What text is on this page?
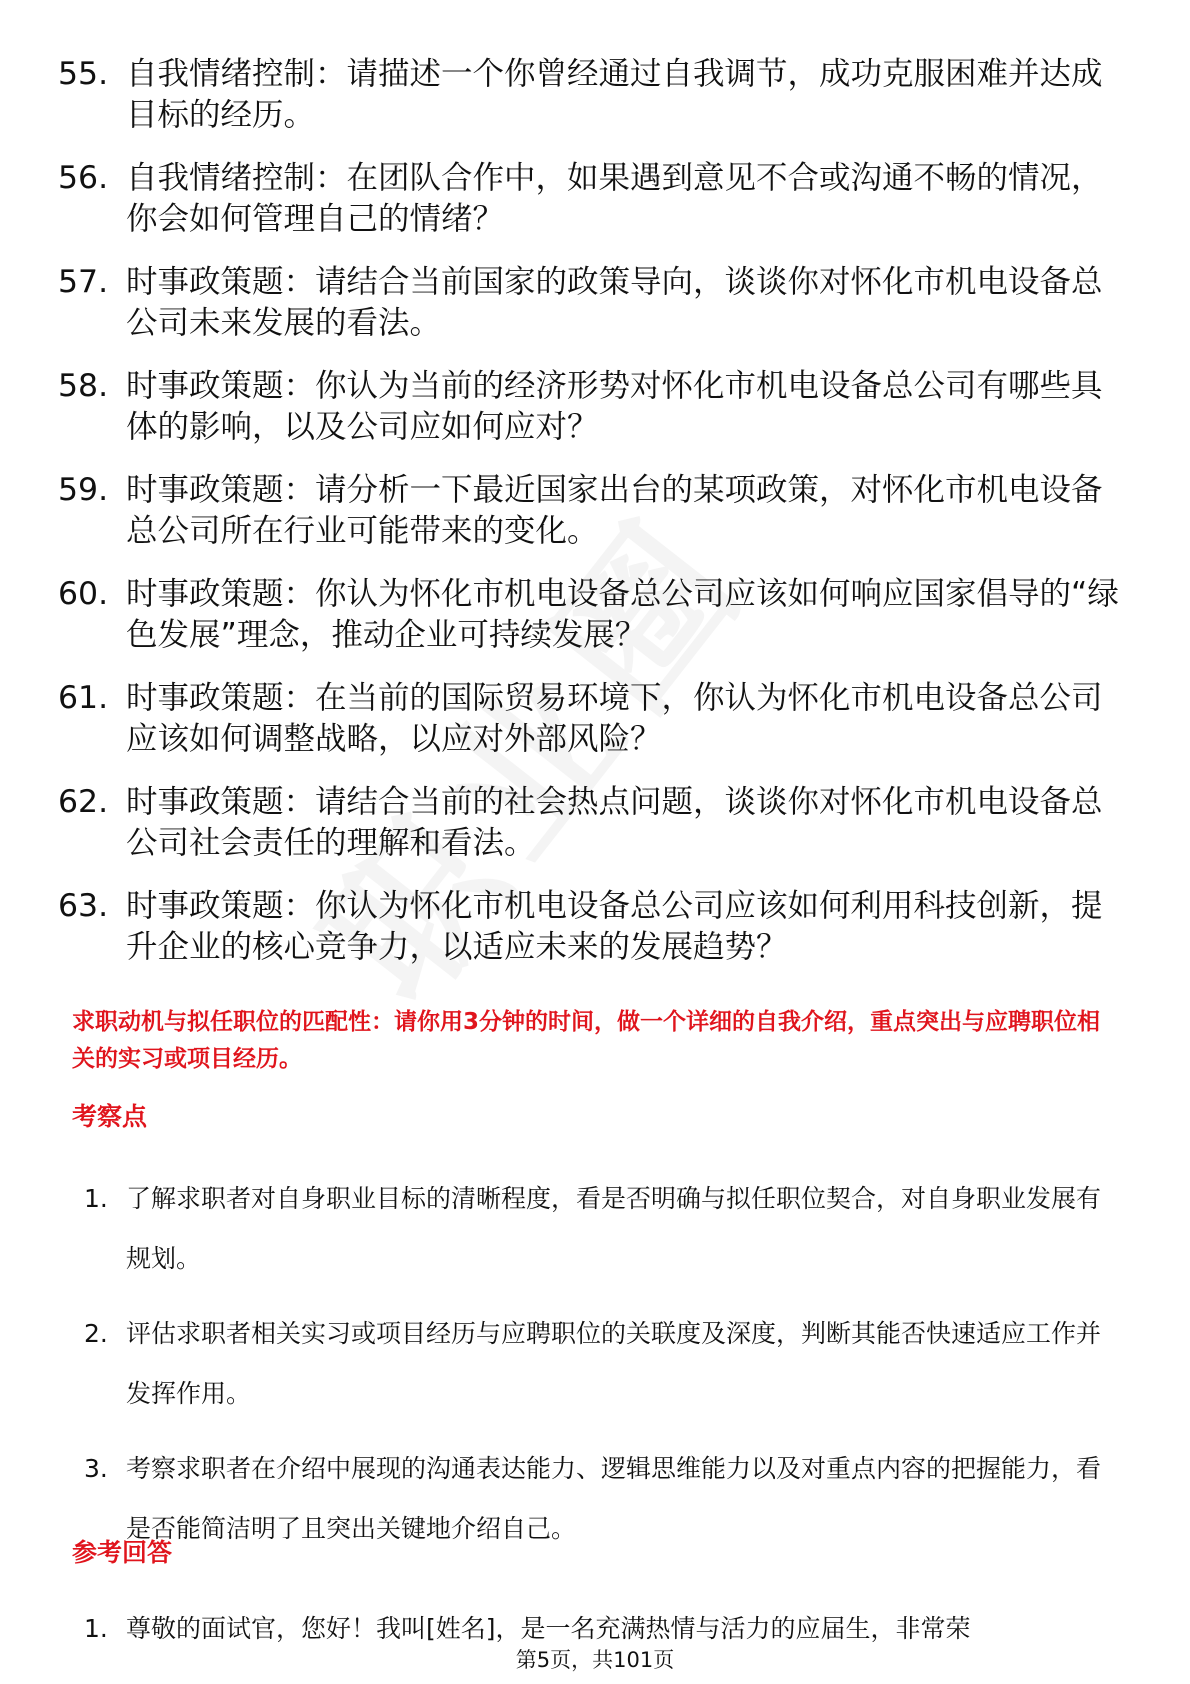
55. 自我情绪控制：请描述一个你曾经通过自我调节，成功克服困难并达成目标的经历。
56. 自我情绪控制：在团队合作中，如果遇到意见不合或沟通不畅的情况，你会如何管理自己的情绪？
57. 时事政策题：请结合当前国家的政策导向，谈谈你对怀化市机电设备总公司未来发展的看法。
58. 时事政策题：你认为当前的经济形势对怀化市机电设备总公司有哪些具体的影响，以及公司应如何应对？
59. 时事政策题：请分析一下最近国家出台的某项政策，对怀化市机电设备总公司所在行业可能带来的变化。
60. 时事政策题：你认为怀化市机电设备总公司应该如何响应国家倡导的“绿色发展”理念，推动企业可持续发展？
61. 时事政策题：在当前的国际贸易环境下，你认为怀化市机电设备总公司应该如何调整战略，以应对外部风险？
62. 时事政策题：请结合当前的社会热点问题，谈谈你对怀化市机电设备总公司社会责任的理解和看法。
63. 时事政策题：你认为怀化市机电设备总公司应该如何利用科技创新，提升企业的核心竞争力，以适应未来的发展趋势？
求职动机与拟任职位的匹配性：请你用3分钟的时间，做一个详细的自我介绍，重点突出与应聘职位相关的实习或项目经历。
考察点
1. 了解求职者对自身职业目标的清晰程度，看是否明确与拟任职位契合，对自身职业发展有规划。
2. 评估求职者相关实习或项目经历与应聘职位的关联度及深度，判断其能否快速适应工作并发挥作用。
3. 考察求职者在介绍中展现的沟通表达能力、逻辑思维能力以及对重点内容的把握能力，看是否能简洁明了且突出关键地介绍自己。
参考回答
1. 尊敬的面试官，您好！我叫[姓名]，是一名充满热情与活力的应届生，非常荣
第5页，共101页
